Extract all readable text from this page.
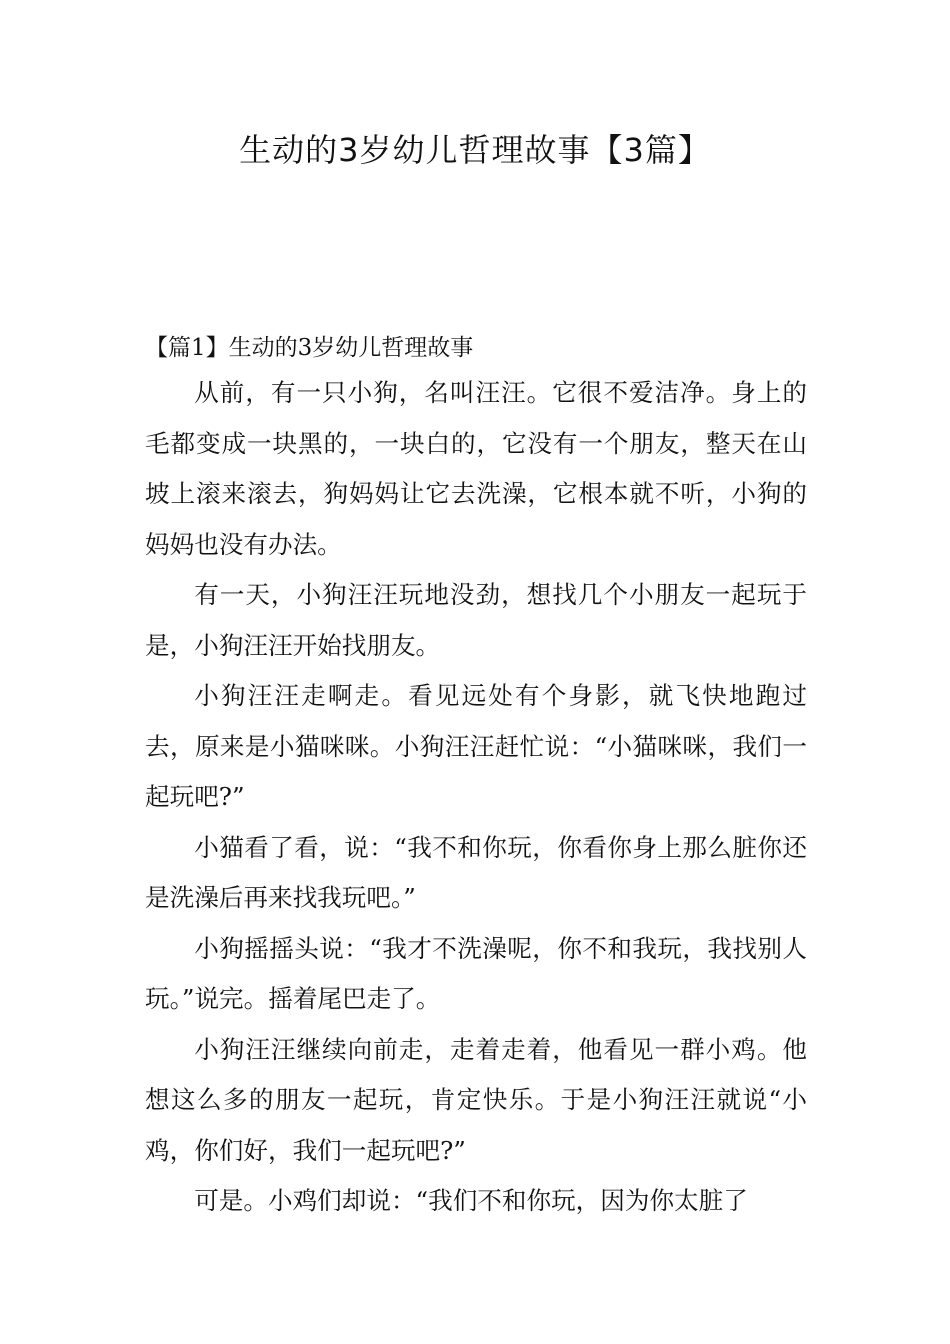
生动的3岁幼儿哲理故事【3篇】
【篇1】生动的3岁幼儿哲理故事

从前，有一只小狗，名叫汪汪。它很不爱洁净。身上的毛都变成一块黑的，一块白的，它没有一个朋友，整天在山坡上滚来滚去，狗妈妈让它去洗澡，它根本就不听，小狗的妈妈也没有办法。

有一天，小狗汪汪玩地没劲，想找几个小朋友一起玩于是，小狗汪汪开始找朋友。

小狗汪汪走啊走。看见远处有个身影，就飞快地跑过去，原来是小猫咪咪。小狗汪汪赶忙说：“小猫咪咪，我们一起玩吧?”

小猫看了看，说：“我不和你玩，你看你身上那么脏你还是洗澡后再来找我玩吧。”

小狗摇摇头说：“我才不洗澡呢，你不和我玩，我找别人玩。”说完。摇着尾巴走了。

小狗汪汪继续向前走，走着走着，他看见一群小鸡。他想这么多的朋友一起玩，肯定快乐。于是小狗汪汪就说“小鸡，你们好，我们一起玩吧?”

可是。小鸡们却说：“我们不和你玩，因为你太脏了
